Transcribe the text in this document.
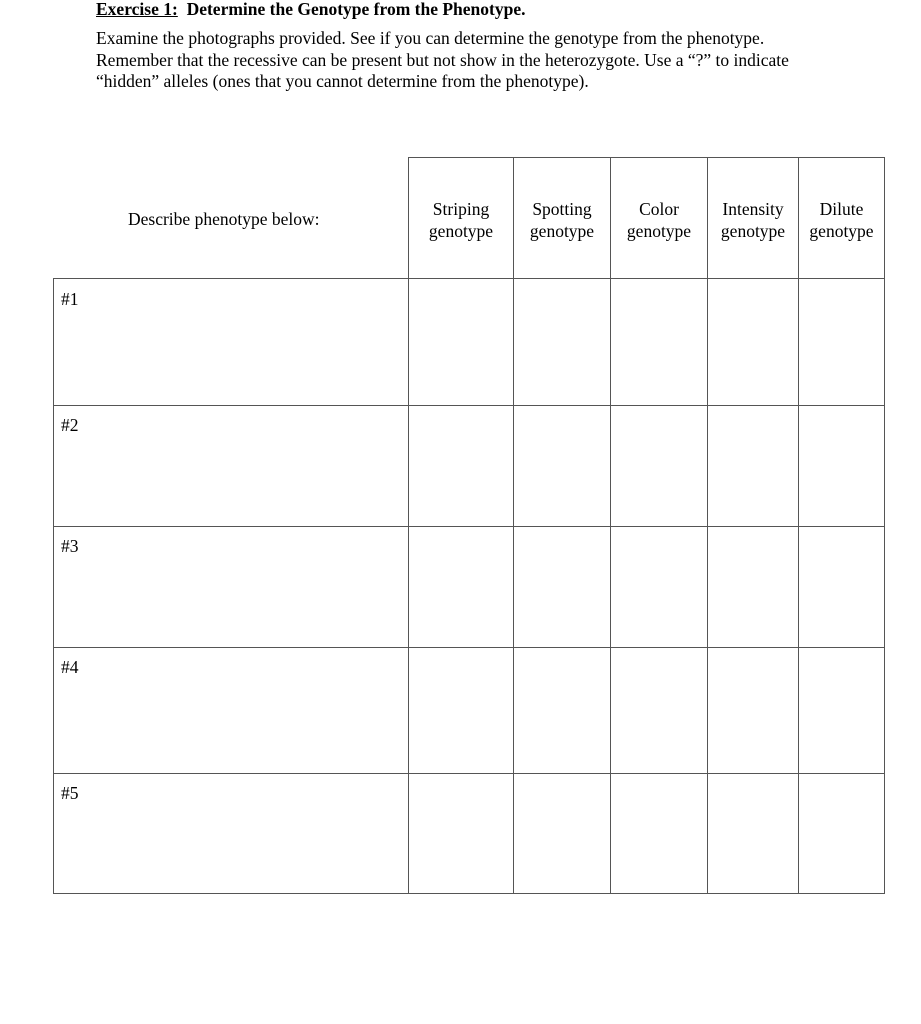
Exercise 1: Determine the Genotype from the Phenotype.
Examine the photographs provided. See if you can determine the genotype from the phenotype.
Remember that the recessive can be present but not show in the heterozygote. Use a “?” to indicate
“hidden” alleles (ones that you cannot determine from the phenotype).
Describe phenotype below:	Striping
genotype
Spotting
genotype
Color
genotype
Intensity
genotype
Dilute
genotype
#1
#2
#3
#4
#5
